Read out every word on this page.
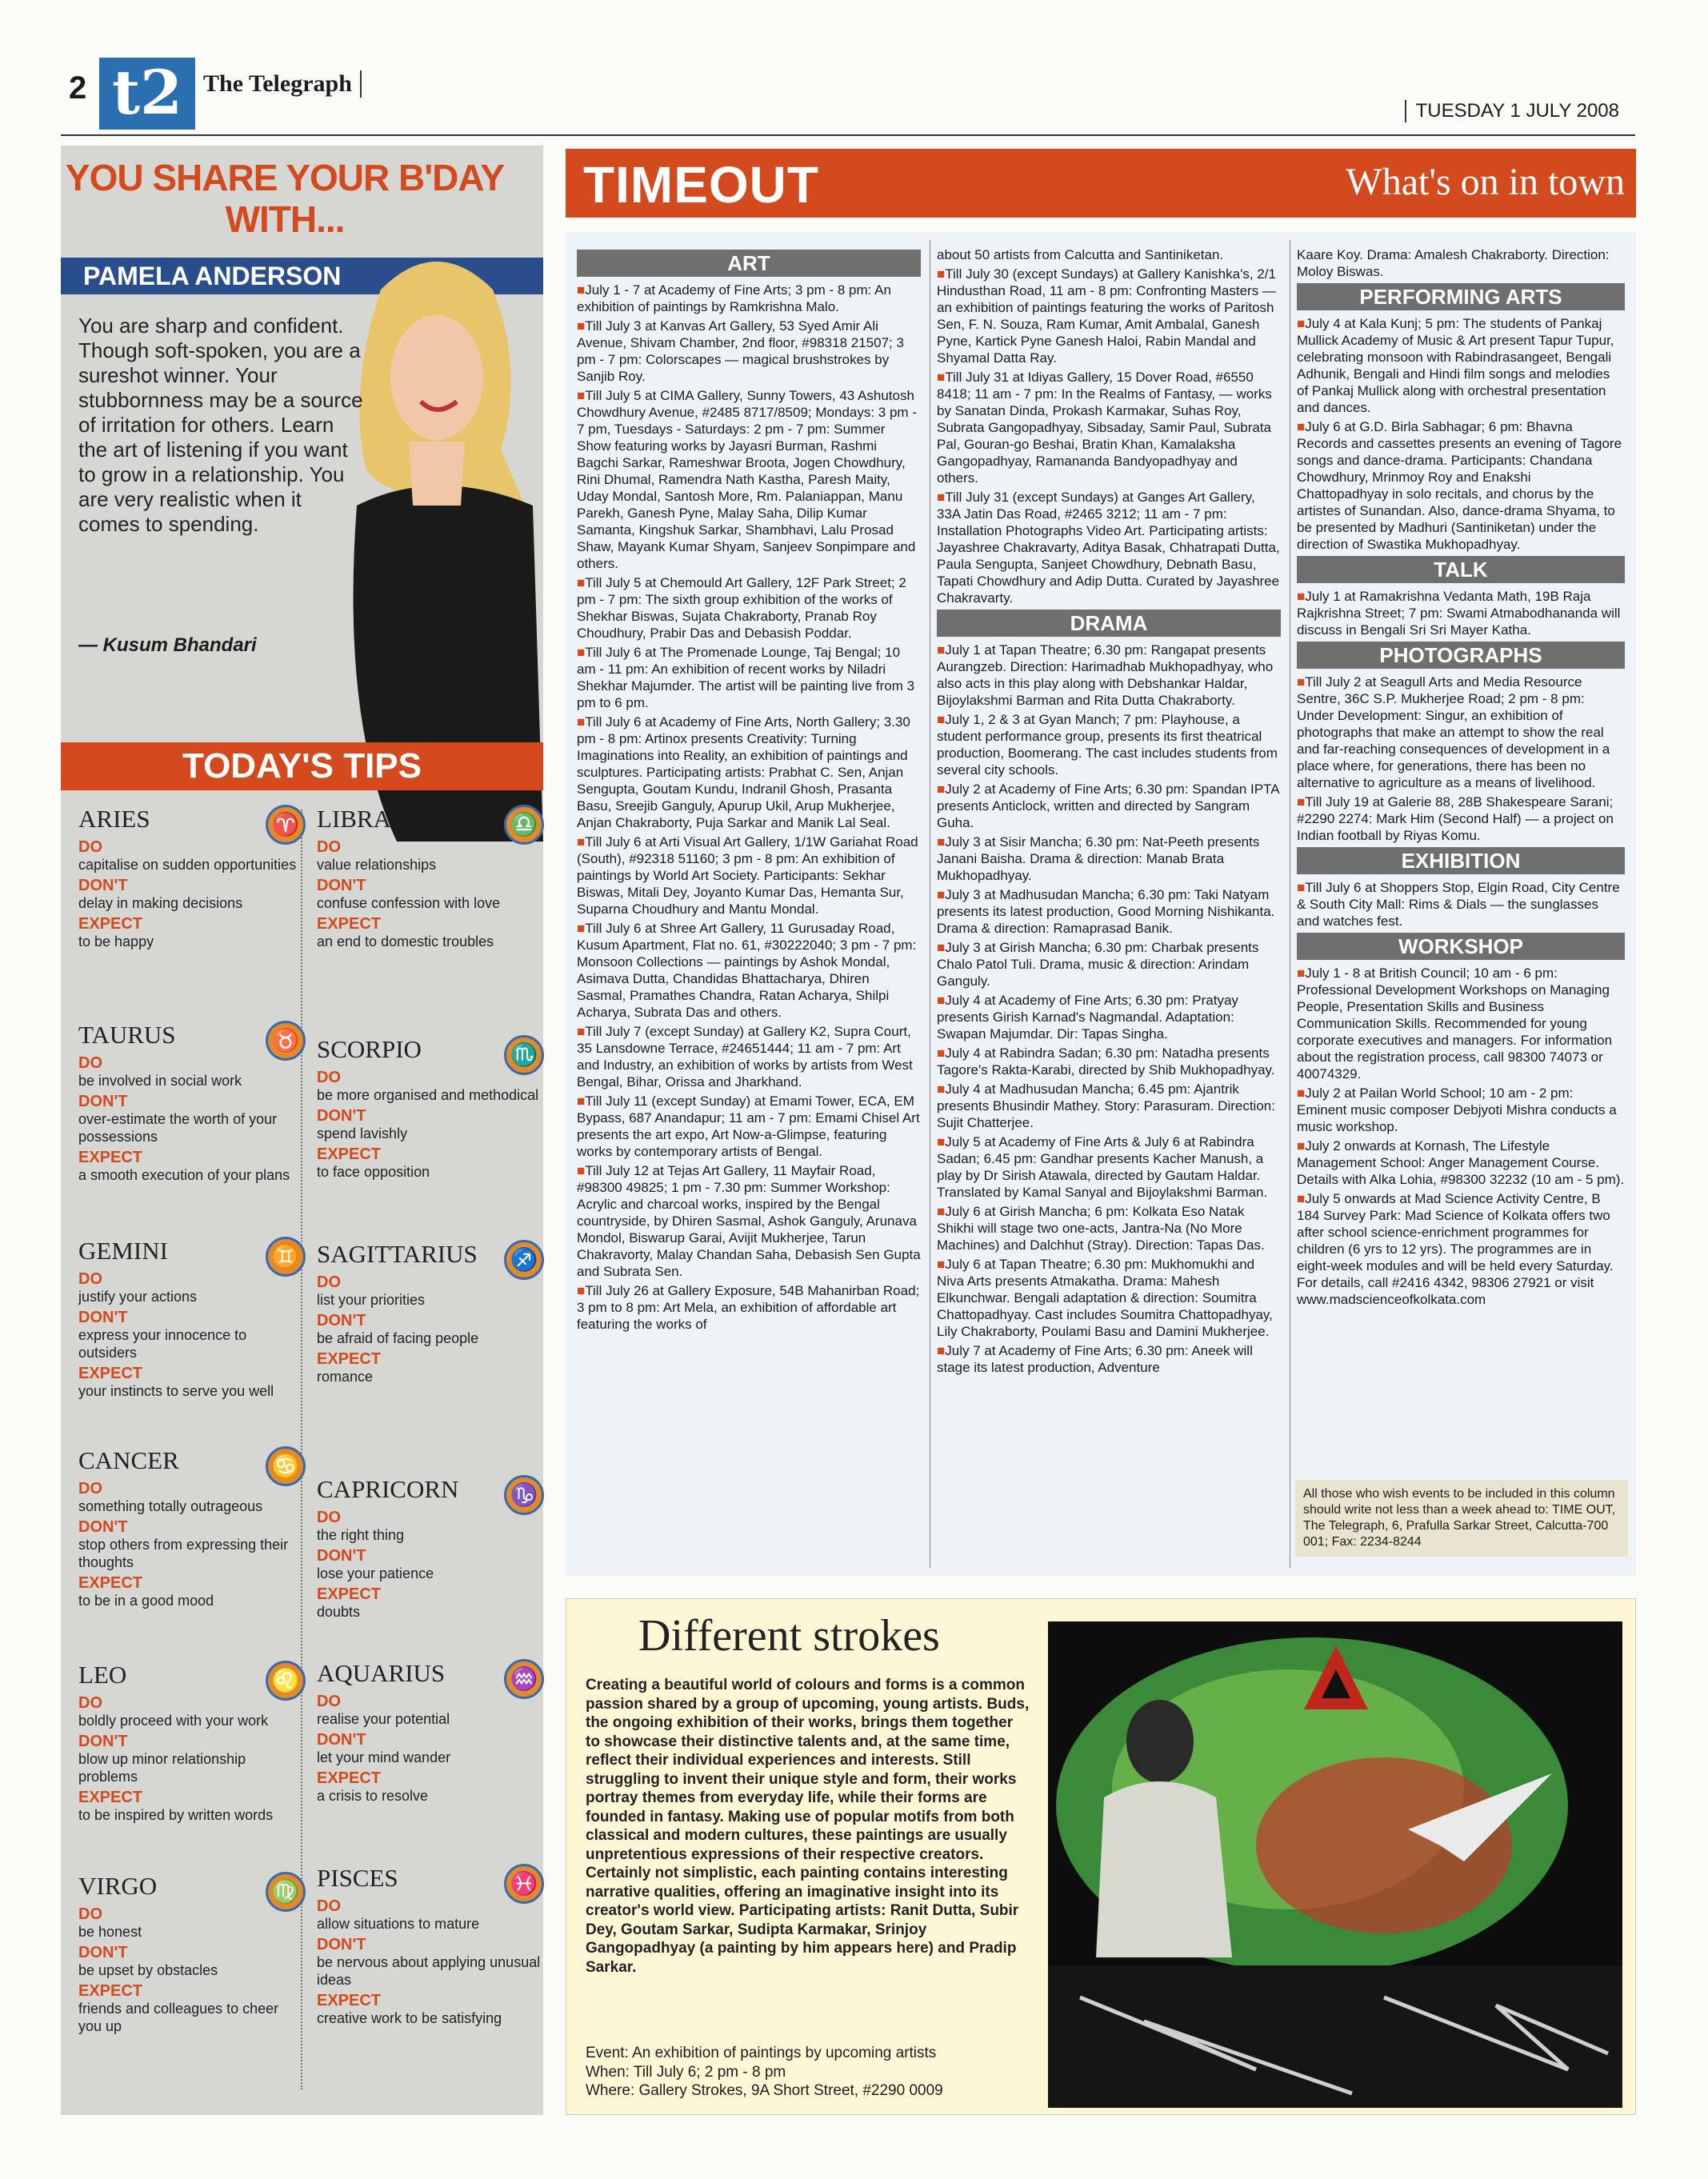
2 t2 The Telegraph
TUESDAY 1 JULY 2008
YOU SHARE YOUR B'DAY WITH...
PAMELA ANDERSON
You are sharp and confident. Though soft-spoken, you are a sureshot winner. Your stubbornness may be a source of irritation for others. Learn the art of listening if you want to grow in a relationship. You are very realistic when it comes to spending.
— Kusum Bhandari
TODAY'S TIPS
♈
ARIES
DO
capitalise on sudden opportunities
DON'T
delay in making decisions
EXPECT
to be happy
♉
TAURUS
DO
be involved in social work
DON'T
over-estimate the worth of your possessions
EXPECT
a smooth execution of your plans
♊
GEMINI
DO
justify your actions
DON'T
express your innocence to outsiders
EXPECT
your instincts to serve you well
♋
CANCER
DO
something totally outrageous
DON'T
stop others from expressing their thoughts
EXPECT
to be in a good mood
♌
LEO
DO
boldly proceed with your work
DON'T
blow up minor relationship problems
EXPECT
to be inspired by written words
♍
VIRGO
DO
be honest
DON'T
be upset by obstacles
EXPECT
friends and colleagues to cheer you up
♎
LIBRA
DO
value relationships
DON'T
confuse confession with love
EXPECT
an end to domestic troubles
♏
SCORPIO
DO
be more organised and methodical
DON'T
spend lavishly
EXPECT
to face opposition
♐
SAGITTARIUS
DO
list your priorities
DON'T
be afraid of facing people
EXPECT
romance
♑
CAPRICORN
DO
the right thing
DON'T
lose your patience
EXPECT
doubts
♒
AQUARIUS
DO
realise your potential
DON'T
let your mind wander
EXPECT
a crisis to resolve
♓
PISCES
DO
allow situations to mature
DON'T
be nervous about applying unusual ideas
EXPECT
creative work to be satisfying
TIMEOUT	What's on in town
ART

■ July 1 - 7 at Academy of Fine Arts; 3 pm - 8 pm: An exhibition of paintings by Ramkrishna Malo.

■ Till July 3 at Kanvas Art Gallery, 53 Syed Amir Ali Avenue, Shivam Chamber, 2nd floor, #98318 21507; 3 pm - 7 pm: Colorscapes — magical brushstrokes by Sanjib Roy.

■ Till July 5 at CIMA Gallery, Sunny Towers, 43 Ashutosh Chowdhury Avenue, #2485 8717/8509; Mondays: 3 pm - 7 pm, Tuesdays - Saturdays: 2 pm - 7 pm: Summer Show featuring works by Jayasri Burman, Rashmi Bagchi Sarkar, Rameshwar Broota, Jogen Chowdhury, Rini Dhumal, Ramendra Nath Kastha, Paresh Maity, Uday Mondal, Santosh More, Rm. Palaniappan, Manu Parekh, Ganesh Pyne, Malay Saha, Dilip Kumar Samanta, Kingshuk Sarkar, Shambhavi, Lalu Prosad Shaw, Mayank Kumar Shyam, Sanjeev Sonpimpare and others.

■ Till July 5 at Chemould Art Gallery, 12F Park Street; 2 pm - 7 pm: The sixth group exhibition of the works of Shekhar Biswas, Sujata Chakraborty, Pranab Roy Choudhury, Prabir Das and Debasish Poddar.

■ Till July 6 at The Promenade Lounge, Taj Bengal; 10 am - 11 pm: An exhibition of recent works by Niladri Shekhar Majumder. The artist will be painting live from 3 pm to 6 pm.

■ Till July 6 at Academy of Fine Arts, North Gallery; 3.30 pm - 8 pm: Artinox presents Creativity: Turning Imaginations into Reality, an exhibition of paintings and sculptures. Participating artists: Prabhat C. Sen, Anjan Sengupta, Goutam Kundu, Indranil Ghosh, Prasanta Basu, Sreejib Ganguly, Apurup Ukil, Arup Mukherjee, Anjan Chakraborty, Puja Sarkar and Manik Lal Seal.

■ Till July 6 at Arti Visual Art Gallery, 1/1W Gariahat Road (South), #92318 51160; 3 pm - 8 pm: An exhibition of paintings by World Art Society. Participants: Sekhar Biswas, Mitali Dey, Joyanto Kumar Das, Hemanta Sur, Suparna Choudhury and Mantu Mondal.

■ Till July 6 at Shree Art Gallery, 11 Gurusaday Road, Kusum Apartment, Flat no. 61, #30222040; 3 pm - 7 pm: Monsoon Collections — paintings by Ashok Mondal, Asimava Dutta, Chandidas Bhattacharya, Dhiren Sasmal, Pramathes Chandra, Ratan Acharya, Shilpi Acharya, Subrata Das and others.

■ Till July 7 (except Sunday) at Gallery K2, Supra Court, 35 Lansdowne Terrace, #24651444; 11 am - 7 pm: Art and Industry, an exhibition of works by artists from West Bengal, Bihar, Orissa and Jharkhand.

■ Till July 11 (except Sunday) at Emami Tower, ECA, EM Bypass, 687 Anandapur; 11 am - 7 pm: Emami Chisel Art presents the art expo, Art Now-a-Glimpse, featuring works by contemporary artists of Bengal.

■ Till July 12 at Tejas Art Gallery, 11 Mayfair Road, #98300 49825; 1 pm - 7.30 pm: Summer Workshop: Acrylic and charcoal works, inspired by the Bengal countryside, by Dhiren Sasmal, Ashok Ganguly, Arunava Mondol, Biswarup Garai, Avijit Mukherjee, Tarun Chakravorty, Malay Chandan Saha, Debasish Sen Gupta and Subrata Sen.

■ Till July 26 at Gallery Exposure, 54B Mahanirban Road; 3 pm to 8 pm: Art Mela, an exhibition of affordable art featuring the works of

about 50 artists from Calcutta and Santiniketan.

■ Till July 30 (except Sundays) at Gallery Kanishka's, 2/1 Hindusthan Road, 11 am - 8 pm: Confronting Masters — an exhibition of paintings featuring the works of Paritosh Sen, F. N. Souza, Ram Kumar, Amit Ambalal, Ganesh Pyne, Kartick Pyne Ganesh Haloi, Rabin Mandal and Shyamal Datta Ray.

■ Till July 31 at Idiyas Gallery, 15 Dover Road, #6550 8418; 11 am - 7 pm: In the Realms of Fantasy, — works by Sanatan Dinda, Prokash Karmakar, Suhas Roy, Subrata Gangopadhyay, Sibsaday, Samir Paul, Subrata Pal, Gouran-go Beshai, Bratin Khan, Kamalaksha Gangopadhyay, Ramananda Bandyopadhyay and others.

■ Till July 31 (except Sundays) at Ganges Art Gallery, 33A Jatin Das Road, #2465 3212; 11 am - 7 pm: Installation Photographs Video Art. Participating artists: Jayashree Chakravarty, Aditya Basak, Chhatrapati Dutta, Paula Sengupta, Sanjeet Chowdhury, Debnath Basu, Tapati Chowdhury and Adip Dutta. Curated by Jayashree Chakravarty.

DRAMA

■ July 1 at Tapan Theatre; 6.30 pm: Rangapat presents Aurangzeb. Direction: Harimadhab Mukhopadhyay, who also acts in this play along with Debshankar Haldar, Bijoylakshmi Barman and Rita Dutta Chakraborty.

■ July 1, 2 & 3 at Gyan Manch; 7 pm: Playhouse, a student performance group, presents its first theatrical production, Boomerang. The cast includes students from several city schools.

■ July 2 at Academy of Fine Arts; 6.30 pm: Spandan IPTA presents Anticlock, written and directed by Sangram Guha.

■ July 3 at Sisir Mancha; 6.30 pm: Nat-Peeth presents Janani Baisha. Drama & direction: Manab Brata Mukhopadhyay.

■ July 3 at Madhusudan Mancha; 6.30 pm: Taki Natyam presents its latest production, Good Morning Nishikanta. Drama & direction: Ramaprasad Banik.

■ July 3 at Girish Mancha; 6.30 pm: Charbak presents Chalo Patol Tuli. Drama, music & direction: Arindam Ganguly.

■ July 4 at Academy of Fine Arts; 6.30 pm: Pratyay presents Girish Karnad's Nagmandal. Adaptation: Swapan Majumdar. Dir: Tapas Singha.

■ July 4 at Rabindra Sadan; 6.30 pm: Natadha presents Tagore's Rakta-Karabi, directed by Shib Mukhopadhyay.

■ July 4 at Madhusudan Mancha; 6.45 pm: Ajantrik presents Bhusindir Mathey. Story: Parasuram. Direction: Sujit Chatterjee.

■ July 5 at Academy of Fine Arts & July 6 at Rabindra Sadan; 6.45 pm: Gandhar presents Kacher Manush, a play by Dr Sirish Atawala, directed by Gautam Haldar. Translated by Kamal Sanyal and Bijoylakshmi Barman.

■ July 6 at Girish Mancha; 6 pm: Kolkata Eso Natak Shikhi will stage two one-acts, Jantra-Na (No More Machines) and Dalchhut (Stray). Direction: Tapas Das.

■ July 6 at Tapan Theatre; 6.30 pm: Mukhomukhi and Niva Arts presents Atmakatha. Drama: Mahesh Elkunchwar. Bengali adaptation & direction: Soumitra Chattopadhyay. Cast includes Soumitra Chattopadhyay, Lily Chakraborty, Poulami Basu and Damini Mukherjee.

■ July 7 at Academy of Fine Arts; 6.30 pm: Aneek will stage its latest production, Adventure

Kaare Koy. Drama: Amalesh Chakraborty. Direction: Moloy Biswas.

PERFORMING ARTS

■ July 4 at Kala Kunj; 5 pm: The students of Pankaj Mullick Academy of Music & Art present Tapur Tupur, celebrating monsoon with Rabindrasangeet, Bengali Adhunik, Bengali and Hindi film songs and melodies of Pankaj Mullick along with orchestral presentation and dances.

■ July 6 at G.D. Birla Sabhagar; 6 pm: Bhavna Records and cassettes presents an evening of Tagore songs and dance-drama. Participants: Chandana Chowdhury, Mrinmoy Roy and Enakshi Chattopadhyay in solo recitals, and chorus by the artistes of Sunandan. Also, dance-drama Shyama, to be presented by Madhuri (Santiniketan) under the direction of Swastika Mukhopadhyay.

TALK

■ July 1 at Ramakrishna Vedanta Math, 19B Raja Rajkrishna Street; 7 pm: Swami Atmabodhananda will discuss in Bengali Sri Sri Mayer Katha.

PHOTOGRAPHS

■ Till July 2 at Seagull Arts and Media Resource Sentre, 36C S.P. Mukherjee Road; 2 pm - 8 pm: Under Development: Singur, an exhibition of photographs that make an attempt to show the real and far-reaching consequences of development in a place where, for generations, there has been no alternative to agriculture as a means of livelihood.

■ Till July 19 at Galerie 88, 28B Shakespeare Sarani; #2290 2274: Mark Him (Second Half) — a project on Indian football by Riyas Komu.

EXHIBITION

■ Till July 6 at Shoppers Stop, Elgin Road, City Centre & South City Mall: Rims & Dials — the sunglasses and watches fest.

WORKSHOP

■ July 1 - 8 at British Council; 10 am - 6 pm: Professional Development Workshops on Managing People, Presentation Skills and Business Communication Skills. Recommended for young corporate executives and managers. For information about the registration process, call 98300 74073 or 40074329.

■ July 2 at Pailan World School; 10 am - 2 pm: Eminent music composer Debjyoti Mishra conducts a music workshop.

■ July 2 onwards at Kornash, The Lifestyle Management School: Anger Management Course. Details with Alka Lohia, #98300 32232 (10 am - 5 pm).

■ July 5 onwards at Mad Science Activity Centre, B 184 Survey Park: Mad Science of Kolkata offers two after school science-enrichment programmes for children (6 yrs to 12 yrs). The programmes are in eight-week modules and will be held every Saturday. For details, call #2416 4342, 98306 27921 or visit www.madscienceofkolkata.com

All those who wish events to be included in this column should write not less than a week ahead to: TIME OUT, The Telegraph, 6, Prafulla Sarkar Street, Calcutta-700 001; Fax: 2234-8244
Different strokes
Creating a beautiful world of colours and forms is a common passion shared by a group of upcoming, young artists. Buds, the ongoing exhibition of their works, brings them together to showcase their distinctive talents and, at the same time, reflect their individual experiences and interests. Still struggling to invent their unique style and form, their works portray themes from everyday life, while their forms are founded in fantasy. Making use of popular motifs from both classical and modern cultures, these paintings are usually unpretentious expressions of their respective creators. Certainly not simplistic, each painting contains interesting narrative qualities, offering an imaginative insight into its creator's world view. Participating artists: Ranit Dutta, Subir Dey, Goutam Sarkar, Sudipta Karmakar, Srinjoy Gangopadhyay (a painting by him appears here) and Pradip Sarkar.
Event: An exhibition of paintings by upcoming artists
When: Till July 6; 2 pm - 8 pm
Where: Gallery Strokes, 9A Short Street, #2290 0009
